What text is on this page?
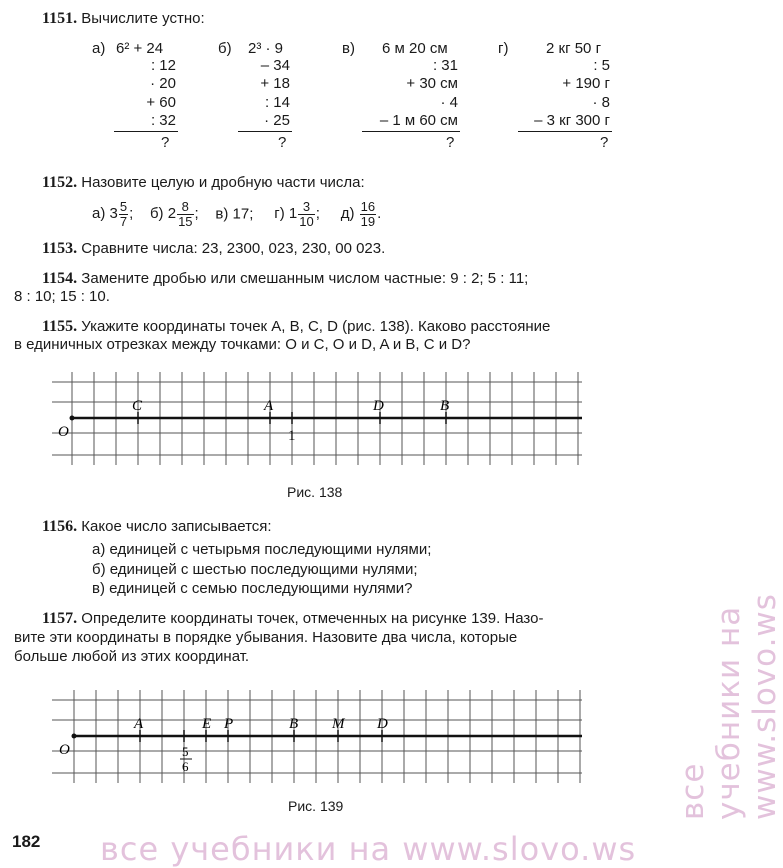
все учебники на www.slovo.ws
все учебники на www.slovo.ws
1151. Вычислите устно:
а) 6² + 24
: 12
· 20
+ 60
: 32
?
б) 2³ · 9
– 34
+ 18
: 14
· 25
?
в) 6 м 20 см
: 31
+ 30 см
· 4
– 1 м 60 см
?
г)	2 кг 50 г
: 5
+ 190 г
· 8
– 3 кг 300 г
?
1152. Назовите целую и дробную части числа:
а) $3 \frac{5}{7}$ ; б) $2 \frac{8}{15}$ ; в) 17; г) $1 \frac{3}{10}$ ; $д) \frac{16}{19}$ .
1153. Сравните числа: 23, 2300, 023, 230, 00 023.
1154. Замените дробью или смешанным числом частные: 9 : 2; 5 : 11;
8 : 10; 15 : 10.
1155. Укажите координаты точек A, B, C, D (рис. 138). Каково расстояние
в единичных отрезках между точками: O и C, O и D, A и B, C и D?
O	1
C	A	D	B
Рис. 138
1156. Какое число записывается:
а) единицей с четырьмя последующими нулями;
б) единицей с шестью последующими нулями;
в) единицей с семью последующими нулями?
1157. Определите координаты точек, отмеченных на рисунке 139. Назо-
вите эти координаты в порядке убывания. Назовите два числа, которые
больше любой из этих координат.
O	5
6
A	E P	B M D
Рис. 139
182
